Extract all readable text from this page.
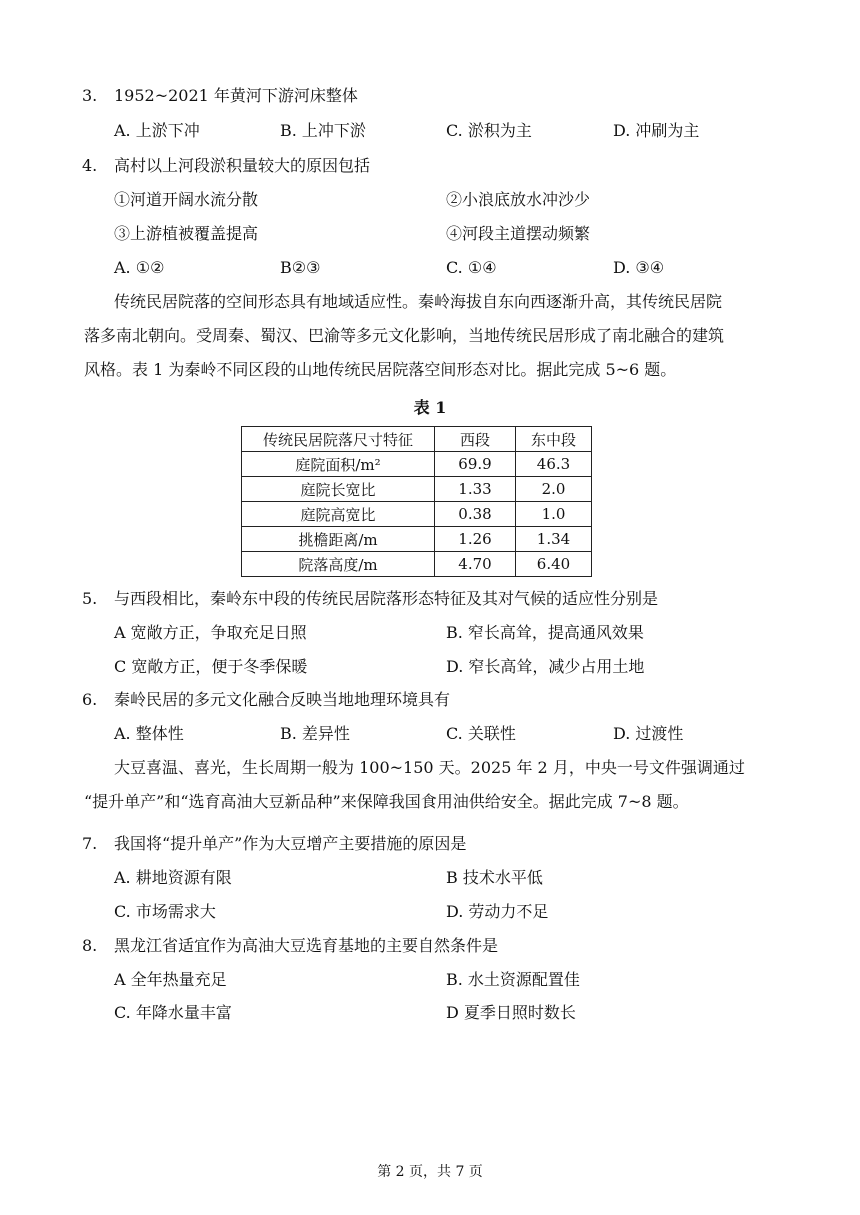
3. 1952~2021 年黄河下游河床整体
A. 上淤下冲	B. 上冲下淤	C. 淤积为主	D. 冲刷为主
4. 高村以上河段淤积量较大的原因包括
①河道开阔水流分散	②小浪底放水冲沙少
③上游植被覆盖提高	④河段主道摆动频繁
A. ①②	B②③	C. ①④	D. ③④
传统民居院落的空间形态具有地域适应性。秦岭海拔自东向西逐渐升高，其传统民居院
落多南北朝向。受周秦、蜀汉、巴渝等多元文化影响，当地传统民居形成了南北融合的建筑
风格。表 1 为秦岭不同区段的山地传统民居院落空间形态对比。据此完成 5~6 题。
表 1
传统民居院落尺寸特征	西段	东中段
庭院面积/m²	69.9	46.3
庭院长宽比	1.33	2.0
庭院高宽比	0.38	1.0
挑檐距离/m	1.26	1.34
院落高度/m	4.70	6.40
5. 与西段相比，秦岭东中段的传统民居院落形态特征及其对气候的适应性分别是
A 宽敞方正，争取充足日照	B. 窄长高耸，提高通风效果
C 宽敞方正，便于冬季保暖	D. 窄长高耸，减少占用土地
6. 秦岭民居的多元文化融合反映当地地理环境具有
A. 整体性	B. 差异性	C. 关联性	D. 过渡性
大豆喜温、喜光，生长周期一般为 100~150 天。2025 年 2 月，中央一号文件强调通过
“提升单产”和“选育高油大豆新品种”来保障我国食用油供给安全。据此完成 7~8 题。
7. 我国将“提升单产”作为大豆增产主要措施的原因是
A. 耕地资源有限	B 技术水平低
C. 市场需求大	D. 劳动力不足
8. 黑龙江省适宜作为高油大豆选育基地的主要自然条件是
A 全年热量充足	B. 水土资源配置佳
C. 年降水量丰富	D 夏季日照时数长
第 2 页，共 7 页
